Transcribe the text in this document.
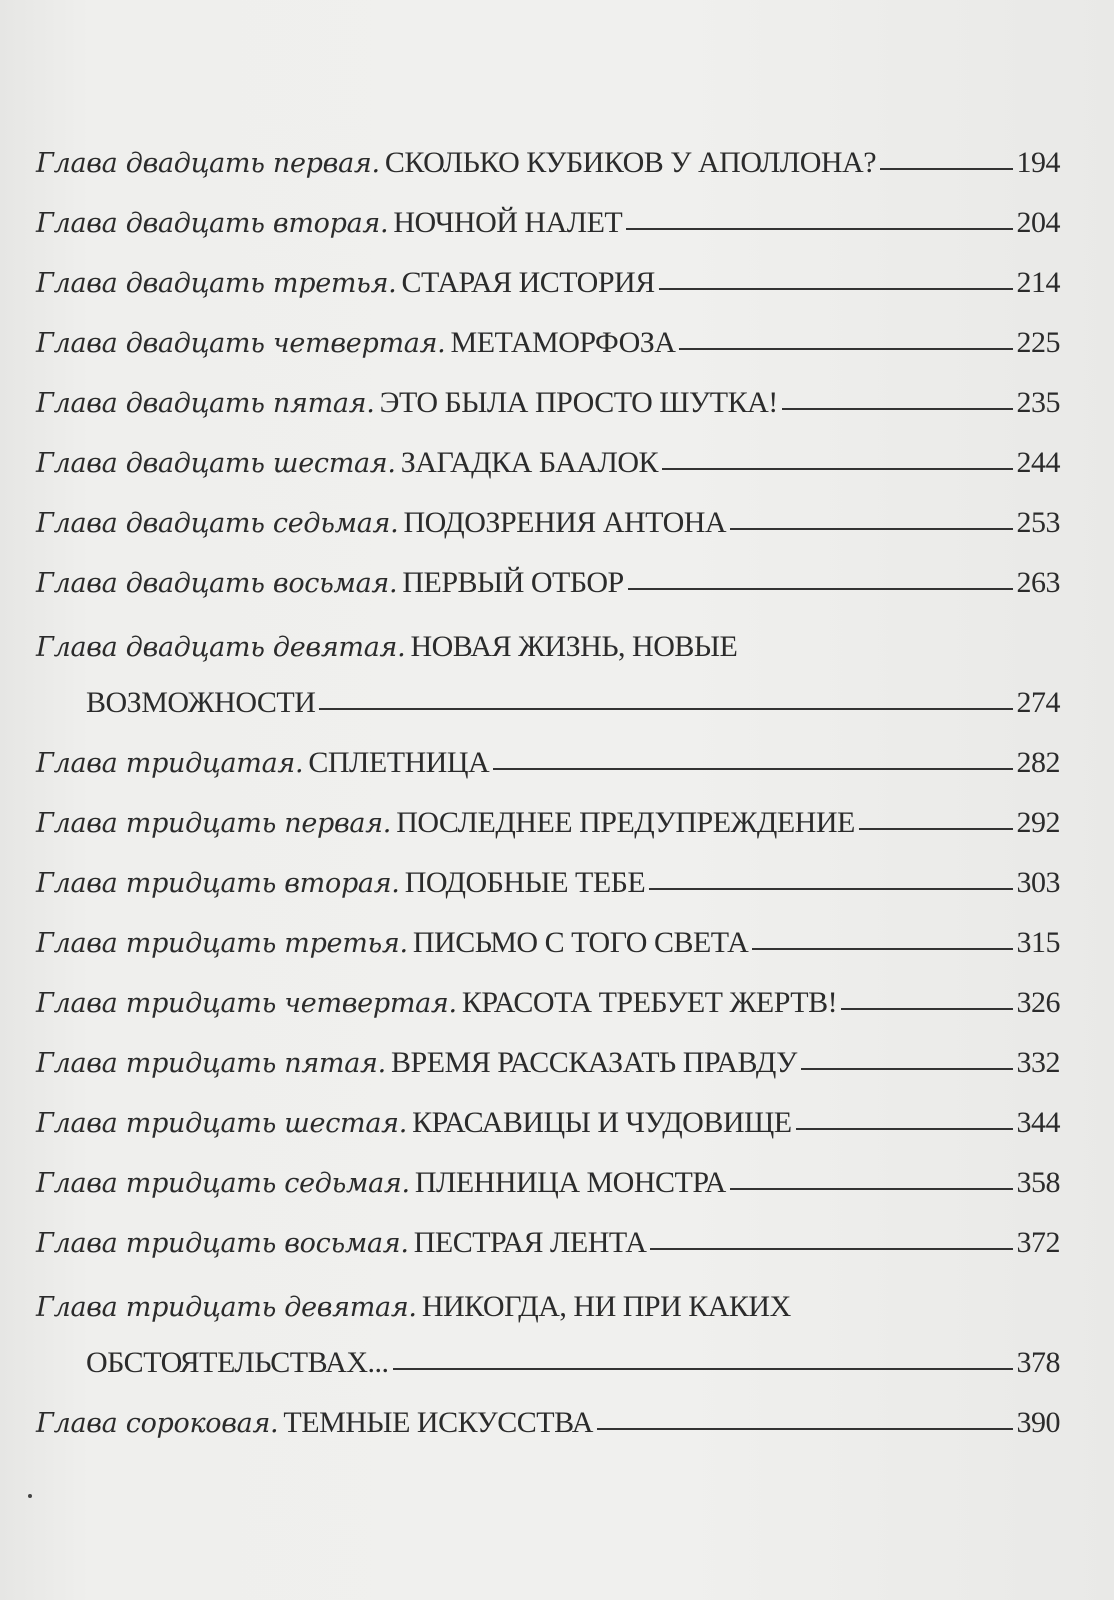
Глава двадцать первая. СКОЛЬКО КУБИКОВ У АПОЛЛОНА?	194
Глава двадцать вторая. НОЧНОЙ НАЛЕТ	204
Глава двадцать третья. СТАРАЯ ИСТОРИЯ	214
Глава двадцать четвертая. МЕТАМОРФОЗА	225
Глава двадцать пятая. ЭТО БЫЛА ПРОСТО ШУТКА!	235
Глава двадцать шестая. ЗАГАДКА БААЛОК	244
Глава двадцать седьмая. ПОДОЗРЕНИЯ АНТОНА	253
Глава двадцать восьмая. ПЕРВЫЙ ОТБОР	263
Глава двадцать девятая. НОВАЯ ЖИЗНЬ, НОВЫЕ
ВОЗМОЖНОСТИ	274
Глава тридцатая. СПЛЕТНИЦА	282
Глава тридцать первая. ПОСЛЕДНЕЕ ПРЕДУПРЕЖДЕНИЕ	292
Глава тридцать вторая. ПОДОБНЫЕ ТЕБЕ	303
Глава тридцать третья. ПИСЬМО С ТОГО СВЕТА	315
Глава тридцать четвертая. КРАСОТА ТРЕБУЕТ ЖЕРТВ!	326
Глава тридцать пятая. ВРЕМЯ РАССКАЗАТЬ ПРАВДУ	332
Глава тридцать шестая. КРАСАВИЦЫ И ЧУДОВИЩЕ	344
Глава тридцать седьмая. ПЛЕННИЦА МОНСТРА	358
Глава тридцать восьмая. ПЕСТРАЯ ЛЕНТА	372
Глава тридцать девятая. НИКОГДА, НИ ПРИ КАКИХ
ОБСТОЯТЕЛЬСТВАХ...	378
Глава сороковая. ТЕМНЫЕ ИСКУССТВА	390
